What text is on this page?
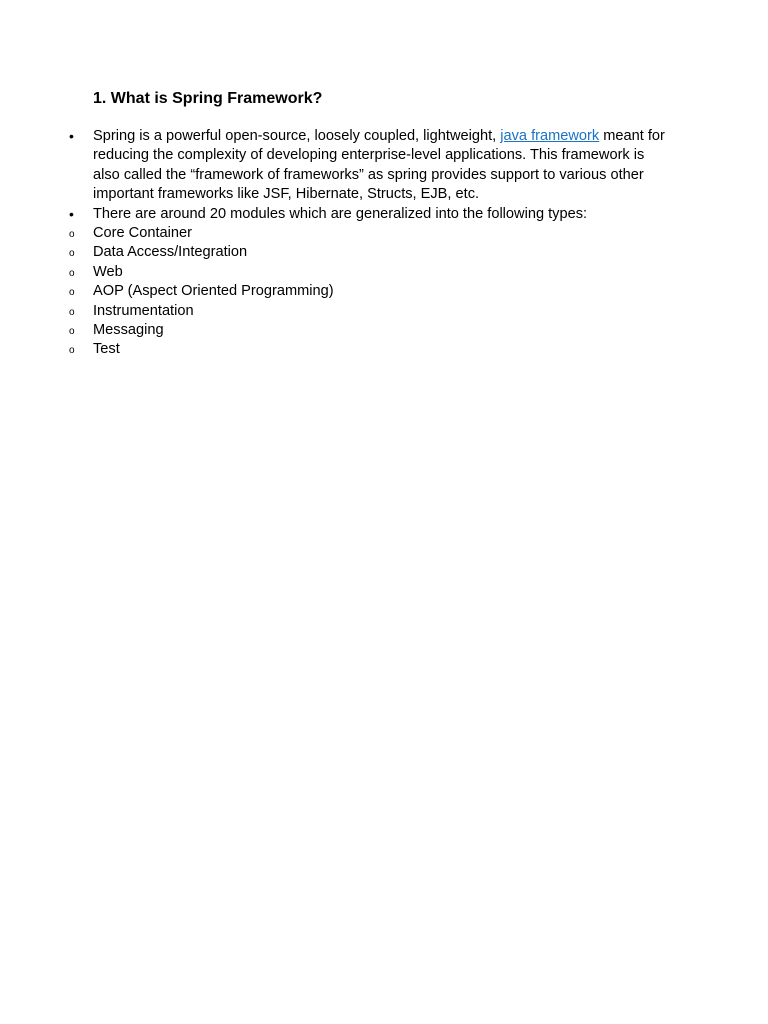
1. What is Spring Framework?
•	Spring is a powerful open-source, loosely coupled, lightweight, java framework meant for reducing the complexity of developing enterprise-level applications. This framework is also called the “framework of frameworks” as spring provides support to various other important frameworks like JSF, Hibernate, Structs, EJB, etc.
•	There are around 20 modules which are generalized into the following types:
o	Core Container
o	Data Access/Integration
o	Web
o	AOP (Aspect Oriented Programming)
o	Instrumentation
o	Messaging
o	Test
